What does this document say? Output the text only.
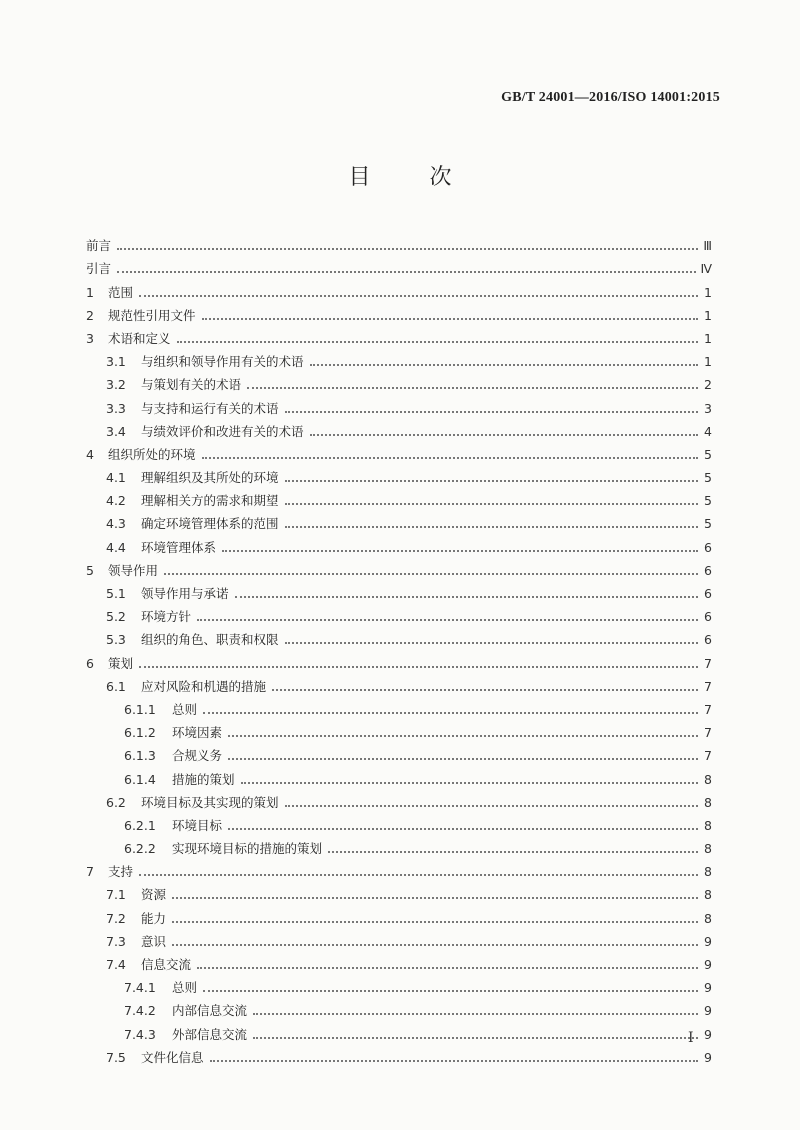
GB/T 24001—2016/ISO 14001:2015
目 次
前言	Ⅲ
引言	Ⅳ
1	范围	1
2	规范性引用文件	1
3	术语和定义	1
3.1	与组织和领导作用有关的术语	1
3.2	与策划有关的术语	2
3.3	与支持和运行有关的术语	3
3.4	与绩效评价和改进有关的术语	4
4	组织所处的环境	5
4.1	理解组织及其所处的环境	5
4.2	理解相关方的需求和期望	5
4.3	确定环境管理体系的范围	5
4.4	环境管理体系	6
5	领导作用	6
5.1	领导作用与承诺	6
5.2	环境方针	6
5.3	组织的角色、职责和权限	6
6	策划	7
6.1	应对风险和机遇的措施	7
6.1.1	总则	7
6.1.2	环境因素	7
6.1.3	合规义务	7
6.1.4	措施的策划	8
6.2	环境目标及其实现的策划	8
6.2.1	环境目标	8
6.2.2	实现环境目标的措施的策划	8
7	支持	8
7.1	资源	8
7.2	能力	8
7.3	意识	9
7.4	信息交流	9
7.4.1	总则	9
7.4.2	内部信息交流	9
7.4.3	外部信息交流	9
7.5	文件化信息	9
I
